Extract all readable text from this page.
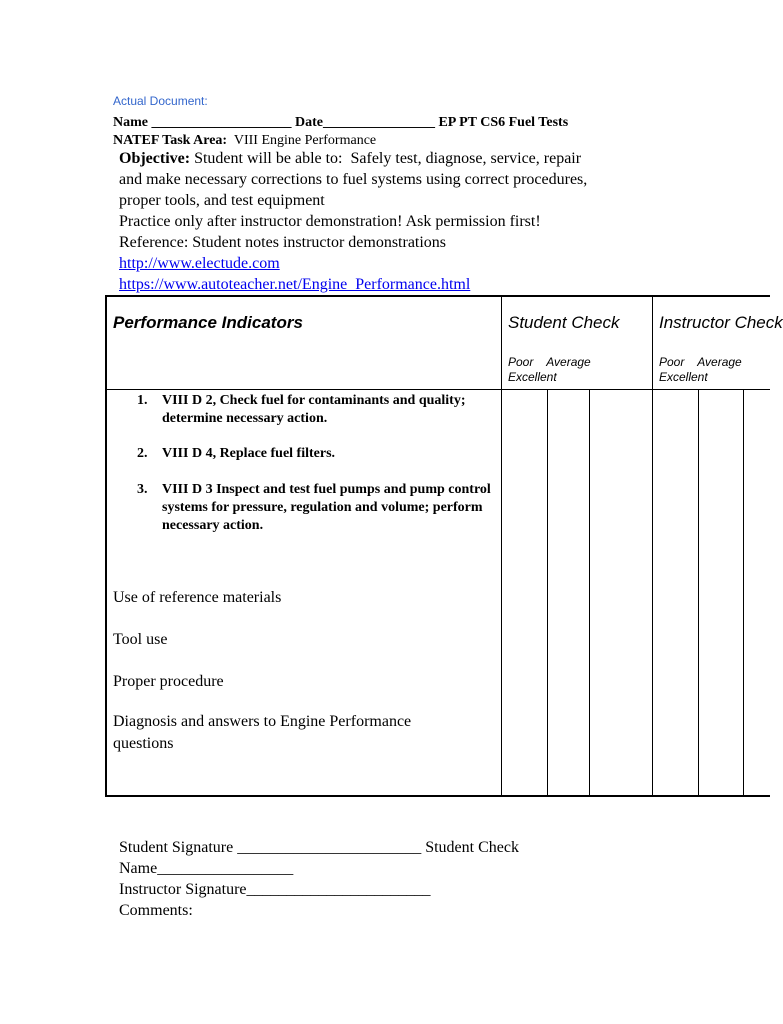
Actual Document:
Name ____________________ Date________________ EP PT CS6 Fuel Tests
NATEF Task Area: VIII Engine Performance
Objective: Student will be able to:  Safely test, diagnose, service, repair
and make necessary corrections to fuel systems using correct procedures,
proper tools, and test equipment
Practice only after instructor demonstration! Ask permission first!
Reference: Student notes instructor demonstrations
http://www.electude.com
https://www.autoteacher.net/Engine_Performance.html
Performance Indicators	Student Check Instructor Check
Poor    Average
Excellent
Poor    Average
Excellent
1. VIII D 2, Check fuel for contaminants and quality; determine necessary action.
2. VIII D 4, Replace fuel filters.
3. VIII D 3 Inspect and test fuel pumps and pump control systems for pressure, regulation and volume; perform necessary action.
Use of reference materials
Tool use
Proper procedure
Diagnosis and answers to Engine Performance
questions
Student Signature _______________________ Student Check
Name_________________
Instructor Signature_______________________
Comments:
